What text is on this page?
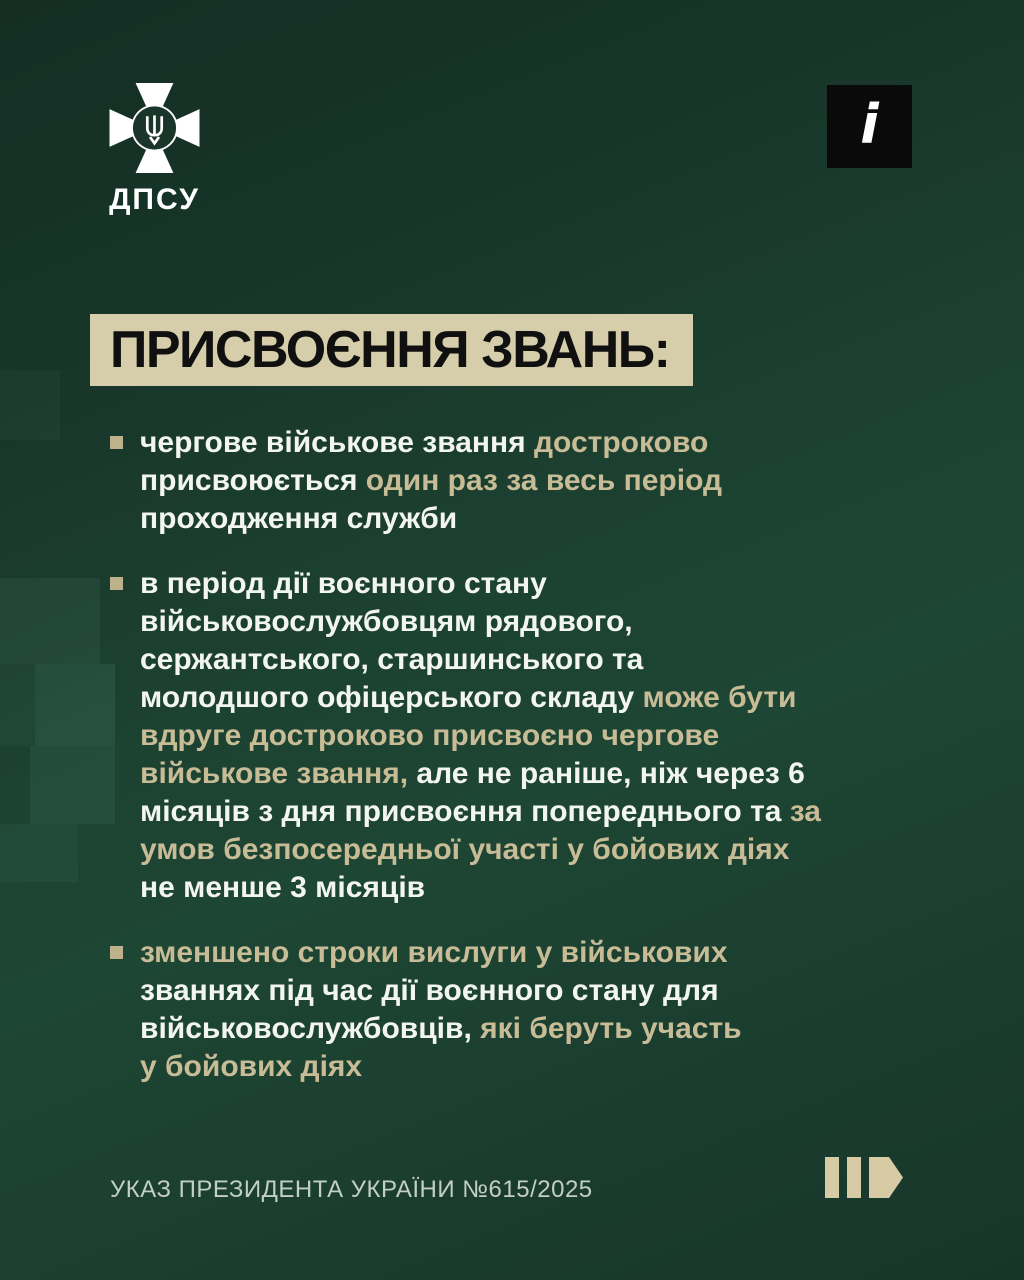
ДПСУ
i
ПРИСВОЄННЯ ЗВАНЬ:
чергове військове звання достроково
присвоюється один раз за весь період
проходження служби
в період дії воєнного стану
військовослужбовцям рядового,
сержантського, старшинського та
молодшого офіцерського складу може бути
вдруге достроково присвоєно чергове
військове звання, але не раніше, ніж через 6
місяців з дня присвоєння попереднього та за
умов безпосередньої участі у бойових діях
не менше 3 місяців
зменшено строки вислуги у військових
званнях під час дії воєнного стану для
військовослужбовців, які беруть участь
у бойових діях
УКАЗ ПРЕЗИДЕНТА УКРАЇНИ №615/2025
